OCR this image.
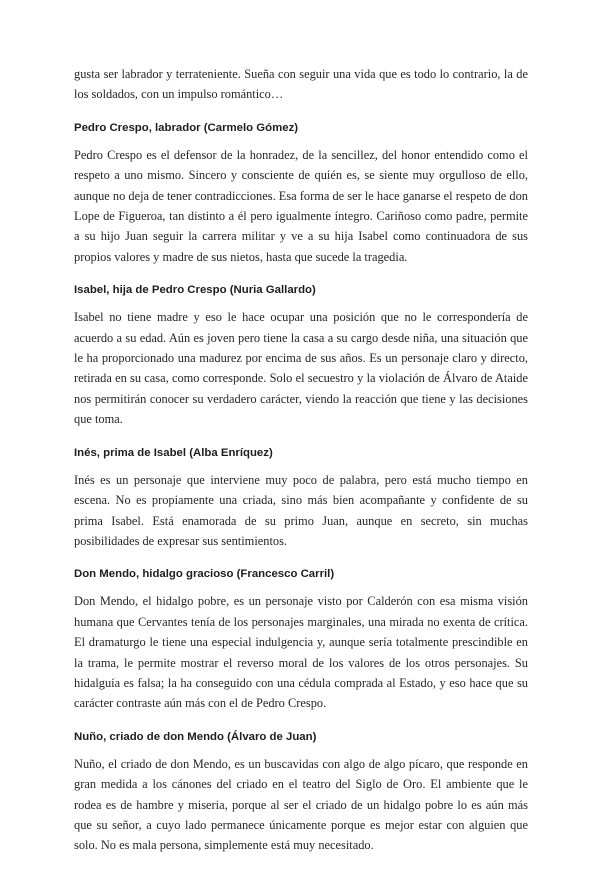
gusta ser labrador y terrateniente. Sueña con seguir una vida que es todo lo contrario, la de los soldados, con un impulso romántico…

Pedro Crespo, labrador (Carmelo Gómez)

Pedro Crespo es el defensor de la honradez, de la sencillez, del honor entendido como el respeto a uno mismo. Sincero y consciente de quién es, se siente muy orgulloso de ello, aunque no deja de tener contradicciones. Esa forma de ser le hace ganarse el respeto de don Lope de Figueroa, tan distinto a él pero igualmente íntegro. Cariñoso como padre, permite a su hijo Juan seguir la carrera militar y ve a su hija Isabel como continuadora de sus propios valores y madre de sus nietos, hasta que sucede la tragedia.

Isabel, hija de Pedro Crespo (Nuria Gallardo)

Isabel no tiene madre y eso le hace ocupar una posición que no le correspondería de acuerdo a su edad. Aún es joven pero tiene la casa a su cargo desde niña, una situación que le ha proporcionado una madurez por encima de sus años. Es un personaje claro y directo, retirada en su casa, como corresponde. Solo el secuestro y la violación de Álvaro de Ataide nos permitirán conocer su verdadero carácter, viendo la reacción que tiene y las decisiones que toma.

Inés, prima de Isabel (Alba Enríquez)

Inés es un personaje que interviene muy poco de palabra, pero está mucho tiempo en escena. No es propiamente una criada, sino más bien acompañante y confidente de su prima Isabel. Está enamorada de su primo Juan, aunque en secreto, sin muchas posibilidades de expresar sus sentimientos.

Don Mendo, hidalgo gracioso (Francesco Carril)

Don Mendo, el hidalgo pobre, es un personaje visto por Calderón con esa misma visión humana que Cervantes tenía de los personajes marginales, una mirada no exenta de crítica. El dramaturgo le tiene una especial indulgencia y, aunque sería totalmente prescindible en la trama, le permite mostrar el reverso moral de los valores de los otros personajes. Su hidalguía es falsa; la ha conseguido con una cédula comprada al Estado, y eso hace que su carácter contraste aún más con el de Pedro Crespo.

Nuño, criado de don Mendo (Álvaro de Juan)

Nuño, el criado de don Mendo, es un buscavidas con algo de algo pícaro, que responde en gran medida a los cánones del criado en el teatro del Siglo de Oro. El ambiente que le rodea es de hambre y miseria, porque al ser el criado de un hidalgo pobre lo es aún más que su señor, a cuyo lado permanece únicamente porque es mejor estar con alguien que solo. No es mala persona, simplemente está muy necesitado.
